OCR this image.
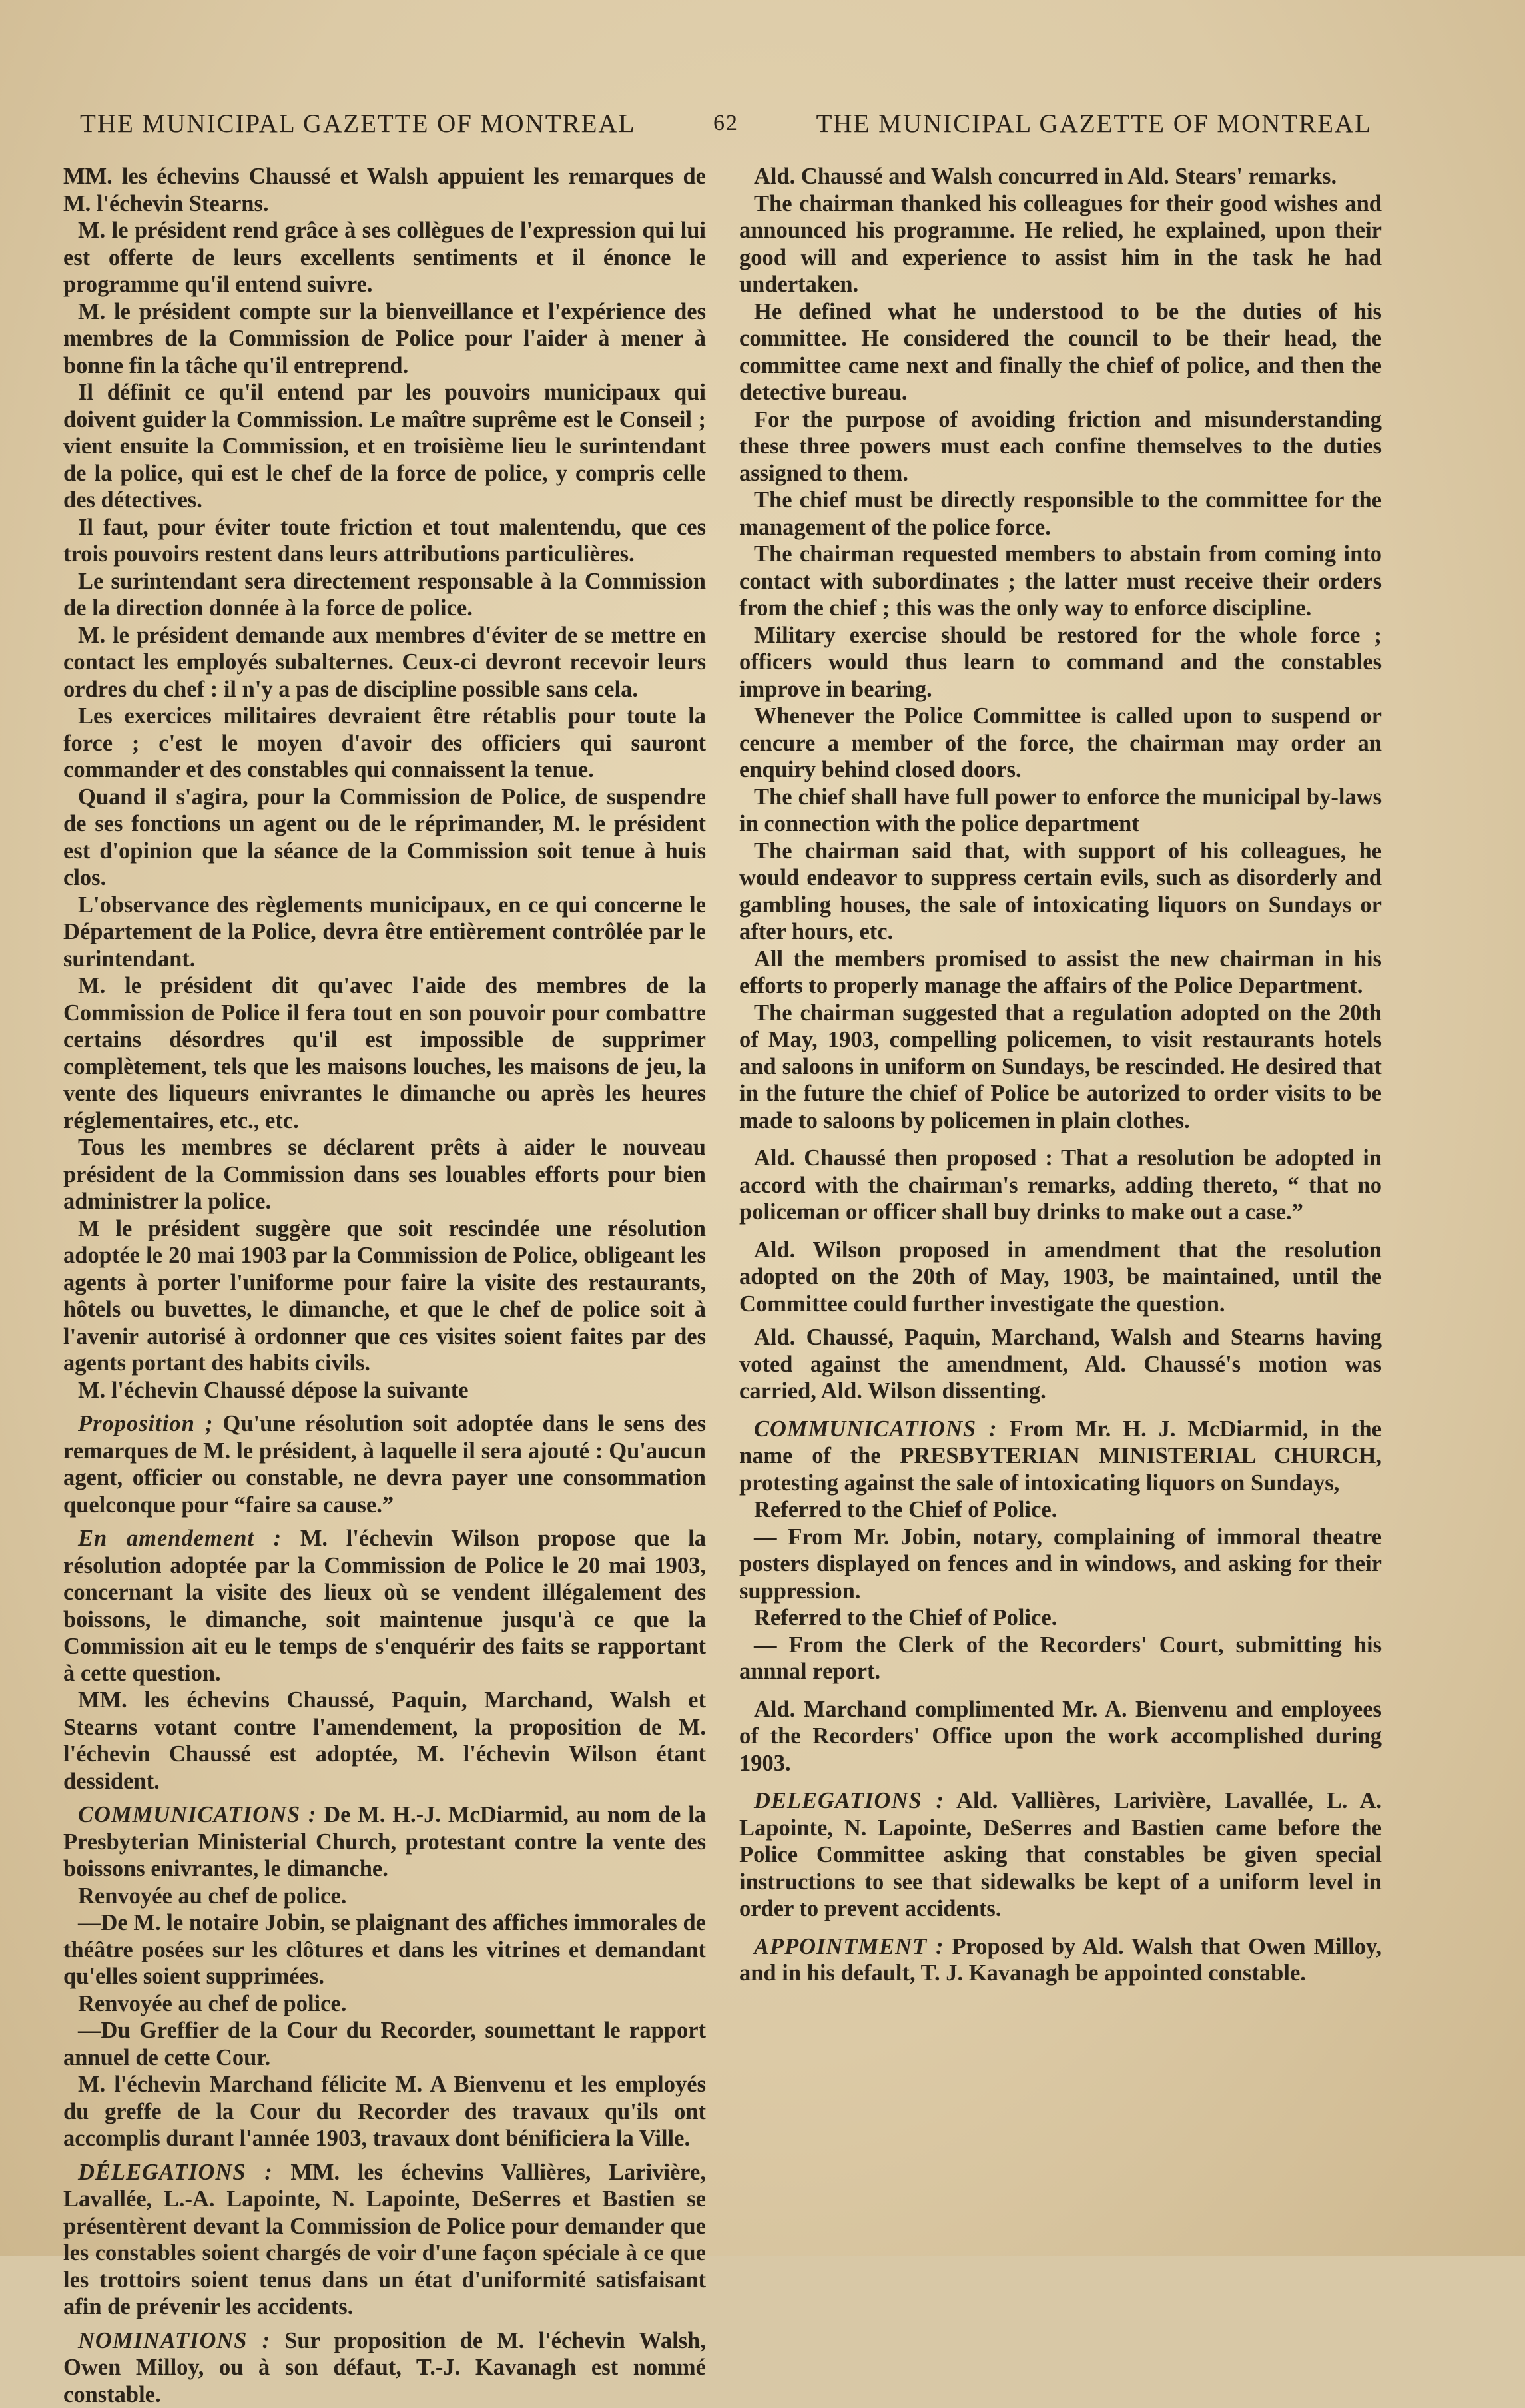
THE MUNICIPAL GAZETTE OF MONTREAL	62	THE MUNICIPAL GAZETTE OF MONTREAL

MM. les échevins Chaussé et Walsh appuient les remarques de M. l'échevin Stearns.

M. le président rend grâce à ses collègues de l'expression qui lui est offerte de leurs excellents sentiments et il énonce le programme qu'il entend suivre.

M. le président compte sur la bienveillance et l'expérience des membres de la Commission de Police pour l'aider à mener à bonne fin la tâche qu'il entreprend.

Il définit ce qu'il entend par les pouvoirs municipaux qui doivent guider la Commission. Le maître suprême est le Conseil ; vient ensuite la Commission, et en troisième lieu le surintendant de la police, qui est le chef de la force de police, y compris celle des détectives.

Il faut, pour éviter toute friction et tout malentendu, que ces trois pouvoirs restent dans leurs attributions particulières.

Le surintendant sera directement responsable à la Commission de la direction donnée à la force de police.

M. le président demande aux membres d'éviter de se mettre en contact les employés subalternes. Ceux-ci devront recevoir leurs ordres du chef : il n'y a pas de discipline possible sans cela.

Les exercices militaires devraient être rétablis pour toute la force ; c'est le moyen d'avoir des officiers qui sauront commander et des constables qui connaissent la tenue.

Quand il s'agira, pour la Commission de Police, de suspendre de ses fonctions un agent ou de le réprimander, M. le président est d'opinion que la séance de la Commission soit tenue à huis clos.

L'observance des règlements municipaux, en ce qui concerne le Département de la Police, devra être entièrement contrôlée par le surintendant.

M. le président dit qu'avec l'aide des membres de la Commission de Police il fera tout en son pouvoir pour combattre certains désordres qu'il est impossible de supprimer complètement, tels que les maisons louches, les maisons de jeu, la vente des liqueurs enivrantes le dimanche ou après les heures réglementaires, etc., etc.

Tous les membres se déclarent prêts à aider le nouveau président de la Commission dans ses louables efforts pour bien administrer la police.

M le président suggère que soit rescindée une résolution adoptée le 20 mai 1903 par la Commission de Police, obligeant les agents à porter l'uniforme pour faire la visite des restaurants, hôtels ou buvettes, le dimanche, et que le chef de police soit à l'avenir autorisé à ordonner que ces visites soient faites par des agents portant des habits civils.

M. l'échevin Chaussé dépose la suivante

Proposition ; Qu'une résolution soit adoptée dans le sens des remarques de M. le président, à laquelle il sera ajouté : Qu'aucun agent, officier ou constable, ne devra payer une consommation quelconque pour “faire sa cause.”

En amendement : M. l'échevin Wilson propose que la résolution adoptée par la Commission de Police le 20 mai 1903, concernant la visite des lieux où se vendent illégalement des boissons, le dimanche, soit maintenue jusqu'à ce que la Commission ait eu le temps de s'enquérir des faits se rapportant à cette question.

MM. les échevins Chaussé, Paquin, Marchand, Walsh et Stearns votant contre l'amendement, la proposition de M. l'échevin Chaussé est adoptée, M. l'échevin Wilson étant dessident.

COMMUNICATIONS : De M. H.-J. McDiarmid, au nom de la Presbyterian Ministerial Church, protestant contre la vente des boissons enivrantes, le dimanche.

Renvoyée au chef de police.

—De M. le notaire Jobin, se plaignant des affiches immorales de théâtre posées sur les clôtures et dans les vitrines et demandant qu'elles soient supprimées.

Renvoyée au chef de police.

—Du Greffier de la Cour du Recorder, soumettant le rapport annuel de cette Cour.

M. l'échevin Marchand félicite M. A Bienvenu et les employés du greffe de la Cour du Recorder des travaux qu'ils ont accomplis durant l'année 1903, travaux dont bénificiera la Ville.

DÉLEGATIONS : MM. les échevins Vallières, Larivière, Lavallée, L.-A. Lapointe, N. Lapointe, DeSerres et Bastien se présentèrent devant la Commission de Police pour demander que les constables soient chargés de voir d'une façon spéciale à ce que les trottoirs soient tenus dans un état d'uniformité satisfaisant afin de prévenir les accidents.

NOMINATIONS : Sur proposition de M. l'échevin Walsh, Owen Milloy, ou à son défaut, T.-J. Kavanagh est nommé constable.

Ald. Chaussé and Walsh concurred in Ald. Stears' remarks.

The chairman thanked his colleagues for their good wishes and announced his programme. He relied, he explained, upon their good will and experience to assist him in the task he had undertaken.

He defined what he understood to be the duties of his committee. He considered the council to be their head, the committee came next and finally the chief of police, and then the detective bureau.

For the purpose of avoiding friction and misunderstanding these three powers must each confine themselves to the duties assigned to them.

The chief must be directly responsible to the committee for the management of the police force.

The chairman requested members to abstain from coming into contact with subordinates ; the latter must receive their orders from the chief ; this was the only way to enforce discipline.

Military exercise should be restored for the whole force ; officers would thus learn to command and the constables improve in bearing.

Whenever the Police Committee is called upon to suspend or cencure a member of the force, the chairman may order an enquiry behind closed doors.

The chief shall have full power to enforce the municipal by-laws in connection with the police department

The chairman said that, with support of his colleagues, he would endeavor to suppress certain evils, such as disorderly and gambling houses, the sale of intoxicating liquors on Sundays or after hours, etc.

All the members promised to assist the new chairman in his efforts to properly manage the affairs of the Police Department.

The chairman suggested that a regulation adopted on the 20th of May, 1903, compelling policemen, to visit restaurants hotels and saloons in uniform on Sundays, be rescinded. He desired that in the future the chief of Police be autorized to order visits to be made to saloons by policemen in plain clothes.

Ald. Chaussé then proposed : That a resolution be adopted in accord with the chairman's remarks, adding thereto, “ that no policeman or officer shall buy drinks to make out a case.”

Ald. Wilson proposed in amendment that the resolution adopted on the 20th of May, 1903, be maintained, until the Committee could further investigate the question.

Ald. Chaussé, Paquin, Marchand, Walsh and Stearns having voted against the amendment, Ald. Chaussé's motion was carried, Ald. Wilson dissenting.

COMMUNICATIONS : From Mr. H. J. McDiarmid, in the name of the PRESBYTERIAN MINISTERIAL CHURCH, protesting against the sale of intoxicating liquors on Sundays,

Referred to the Chief of Police.

— From Mr. Jobin, notary, complaining of immoral theatre posters displayed on fences and in windows, and asking for their suppression.

Referred to the Chief of Police.

— From the Clerk of the Recorders' Court, submitting his annnal report.

Ald. Marchand complimented Mr. A. Bienvenu and employees of the Recorders' Office upon the work accomplished during 1903.

DELEGATIONS : Ald. Vallières, Larivière, Lavallée, L. A. Lapointe, N. Lapointe, DeSerres and Bastien came before the Police Committee asking that constables be given special instructions to see that sidewalks be kept of a uniform level in order to prevent accidents.

APPOINTMENT : Proposed by Ald. Walsh that Owen Milloy, and in his default, T. J. Kavanagh be appointed constable.
